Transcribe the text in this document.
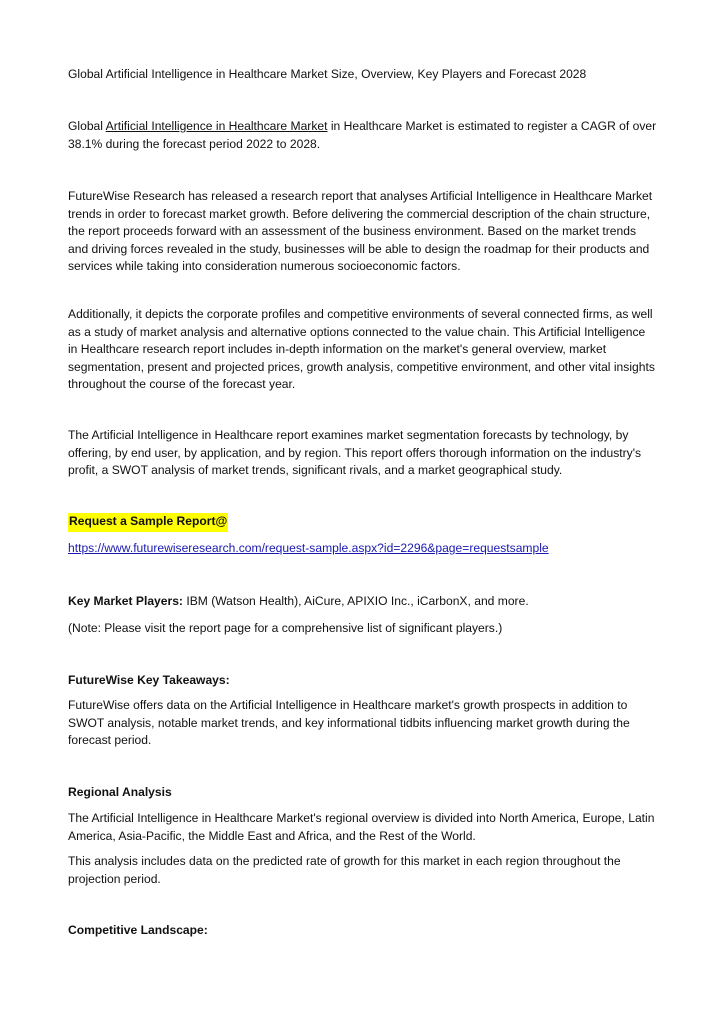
Global Artificial Intelligence in Healthcare Market Size, Overview, Key Players and Forecast 2028

Global Artificial Intelligence in Healthcare Market in Healthcare Market is estimated to register a CAGR of over 38.1% during the forecast period 2022 to 2028.

FutureWise Research has released a research report that analyses Artificial Intelligence in Healthcare Market trends in order to forecast market growth. Before delivering the commercial description of the chain structure, the report proceeds forward with an assessment of the business environment. Based on the market trends and driving forces revealed in the study, businesses will be able to design the roadmap for their products and services while taking into consideration numerous socioeconomic factors.

Additionally, it depicts the corporate profiles and competitive environments of several connected firms, as well as a study of market analysis and alternative options connected to the value chain. This Artificial Intelligence in Healthcare research report includes in-depth information on the market's general overview, market segmentation, present and projected prices, growth analysis, competitive environment, and other vital insights throughout the course of the forecast year.

The Artificial Intelligence in Healthcare report examines market segmentation forecasts by technology, by offering, by end user, by application, and by region. This report offers thorough information on the industry's profit, a SWOT analysis of market trends, significant rivals, and a market geographical study.

Request a Sample Report@

https://www.futurewiseresearch.com/request-sample.aspx?id=2296&page=requestsample

Key Market Players: IBM (Watson Health), AiCure, APIXIO Inc., iCarbonX, and more.

(Note: Please visit the report page for a comprehensive list of significant players.)

FutureWise Key Takeaways:

FutureWise offers data on the Artificial Intelligence in Healthcare market's growth prospects in addition to SWOT analysis, notable market trends, and key informational tidbits influencing market growth during the forecast period.

Regional Analysis

The Artificial Intelligence in Healthcare Market's regional overview is divided into North America, Europe, Latin America, Asia-Pacific, the Middle East and Africa, and the Rest of the World.

This analysis includes data on the predicted rate of growth for this market in each region throughout the projection period.

Competitive Landscape:
